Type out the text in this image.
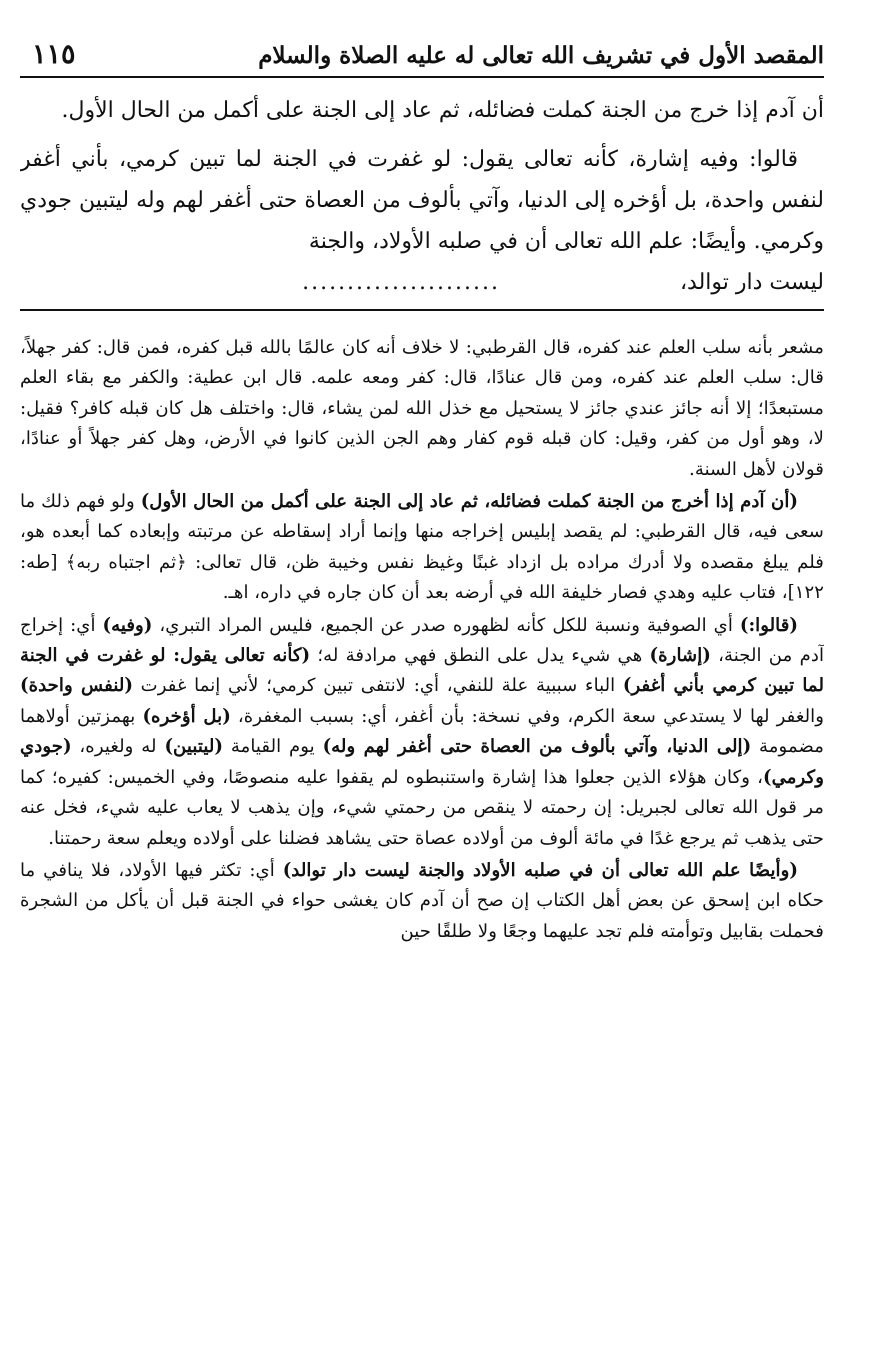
المقصد الأول في تشريف الله تعالى له عليه الصلاة والسلام
١١٥

أن آدم إذا خرج من الجنة كملت فضائله، ثم عاد إلى الجنة على أكمل من الحال الأول.

قالوا: وفيه إشارة، كأنه تعالى يقول: لو غفرت في الجنة لما تبين كرمي، بأني أغفر لنفس واحدة، بل أؤخره إلى الدنيا، وآتي بألوف من العصاة حتى أغفر لهم وله ليتبين جودي وكرمي. وأيضًا: علم الله تعالى أن في صلبه الأولاد، والجنة

ليست دار توالد،
......................

مشعر بأنه سلب العلم عند كفره، قال القرطبي: لا خلاف أنه كان عالمًا بالله قبل كفره، فمن قال: كفر جهلاً، قال: سلب العلم عند كفره، ومن قال عنادًا، قال: كفر ومعه علمه. قال ابن عطية: والكفر مع بقاء العلم مستبعدًا؛ إلا أنه جائز عندي جائز لا يستحيل مع خذل الله لمن يشاء، قال: واختلف هل كان قبله كافر؟ فقيل: لا، وهو أول من كفر، وقيل: كان قبله قوم كفار وهم الجن الذين كانوا في الأرض، وهل كفر جهلاً أو عنادًا، قولان لأهل السنة.

(أن آدم إذا أخرج من الجنة كملت فضائله، ثم عاد إلى الجنة على أكمل من الحال الأول) ولو فهم ذلك ما سعى فيه، قال القرطبي: لم يقصد إبليس إخراجه منها وإنما أراد إسقاطه عن مرتبته وإبعاده كما أبعده هو، فلم يبلغ مقصده ولا أدرك مراده بل ازداد غبنًا وغيظ نفس وخيبة ظن، قال تعالى: ﴿ثم اجتباه ربه﴾ [طه: ١٢٢]، فتاب عليه وهدي فصار خليفة الله في أرضه بعد أن كان جاره في داره، اهـ.

(قالوا:) أي الصوفية ونسبة للكل كأنه لظهوره صدر عن الجميع، فليس المراد التبري، (وفيه) أي: إخراج آدم من الجنة، (إشارة) هي شيء يدل على النطق فهي مرادفة له؛ (كأنه تعالى يقول: لو غفرت في الجنة لما تبين كرمي بأني أغفر) الباء سببية علة للنفي، أي: لانتفى تبين كرمي؛ لأني إنما غفرت (لنفس واحدة) والغفر لها لا يستدعي سعة الكرم، وفي نسخة: بأن أغفر، أي: بسبب المغفرة، (بل أؤخره) بهمزتين أولاهما مضمومة (إلى الدنيا، وآتي بألوف من العصاة حتى أغفر لهم وله) يوم القيامة (ليتبين) له ولغيره، (جودي وكرمي)، وكان هؤلاء الذين جعلوا هذا إشارة واستنبطوه لم يقفوا عليه منصوصًا، وفي الخميس: كفيره؛ كما مر قول الله تعالى لجبريل: إن رحمته لا ينقص من رحمتي شيء، وإن يذهب لا يعاب عليه شيء، فخل عنه حتى يذهب ثم يرجع غدًا في مائة ألوف من أولاده عصاة حتى يشاهد فضلنا على أولاده ويعلم سعة رحمتنا.

(وأيضًا علم الله تعالى أن في صلبه الأولاد والجنة ليست دار توالد) أي: تكثر فيها الأولاد، فلا ينافي ما حكاه ابن إسحق عن بعض أهل الكتاب إن صح أن آدم كان يغشى حواء في الجنة قبل أن يأكل من الشجرة فحملت بقابيل وتوأمته فلم تجد عليهما وجعًا ولا طلقًا حين
